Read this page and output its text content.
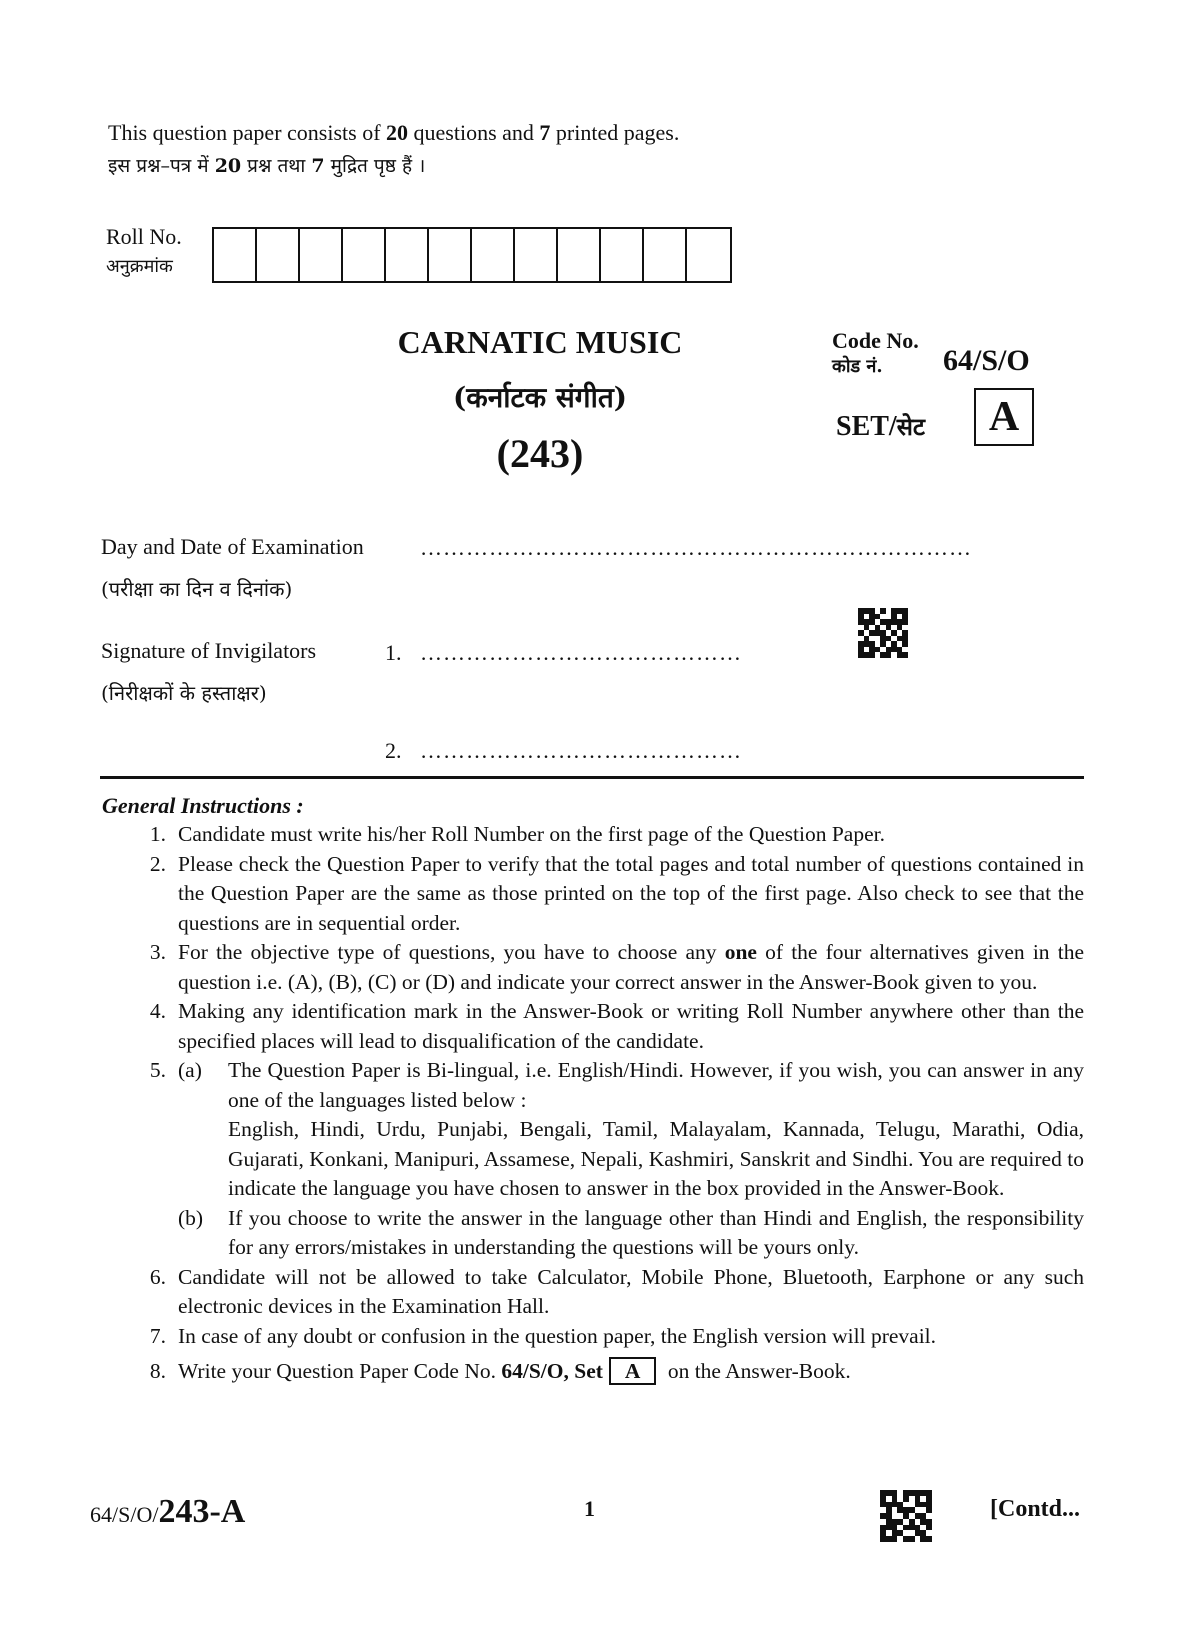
This question paper consists of 20 questions and 7 printed pages.
इस प्रश्न–पत्र में 20 प्रश्न तथा 7 मुद्रित पृष्ठ हैं ।
Roll No.
अनुक्रमांक
CARNATIC MUSIC
(कर्नाटक संगीत)
(243)
Code No.
कोड नं.	64/S/O
SET/सेट	A
Day and Date of Examination
(परीक्षा का दिन व दिनांक)
………………………………………………………………
Signature of Invigilators
(निरीक्षकों के हस्ताक्षर)
1. ……………………………………
2. ……………………………………
General Instructions :
1. Candidate must write his/her Roll Number on the first page of the Question Paper.
2. Please check the Question Paper to verify that the total pages and total number of questions contained in the Question Paper are the same as those printed on the top of the first page. Also check to see that the questions are in sequential order.
3. For the objective type of questions, you have to choose any one of the four alternatives given in the question i.e. (A), (B), (C) or (D) and indicate your correct answer in the Answer-Book given to you.
4. Making any identification mark in the Answer-Book or writing Roll Number anywhere other than the specified places will lead to disqualification of the candidate.
5. (a)	The Question Paper is Bi-lingual, i.e. English/Hindi. However, if you wish, you can answer in any one of the languages listed below :
English, Hindi, Urdu, Punjabi, Bengali, Tamil, Malayalam, Kannada, Telugu, Marathi, Odia, Gujarati, Konkani, Manipuri, Assamese, Nepali, Kashmiri, Sanskrit and Sindhi. You are required to indicate the language you have chosen to answer in the box provided in the Answer-Book.
(b)	If you choose to write the answer in the language other than Hindi and English, the responsibility for any errors/mistakes in understanding the questions will be yours only.
6. Candidate will not be allowed to take Calculator, Mobile Phone, Bluetooth, Earphone or any such electronic devices in the Examination Hall.
7. In case of any doubt or confusion in the question paper, the English version will prevail.
8. Write your Question Paper Code No. 64/S/O, Set A on the Answer-Book.
64/S/O/243-A	1	[Contd...
